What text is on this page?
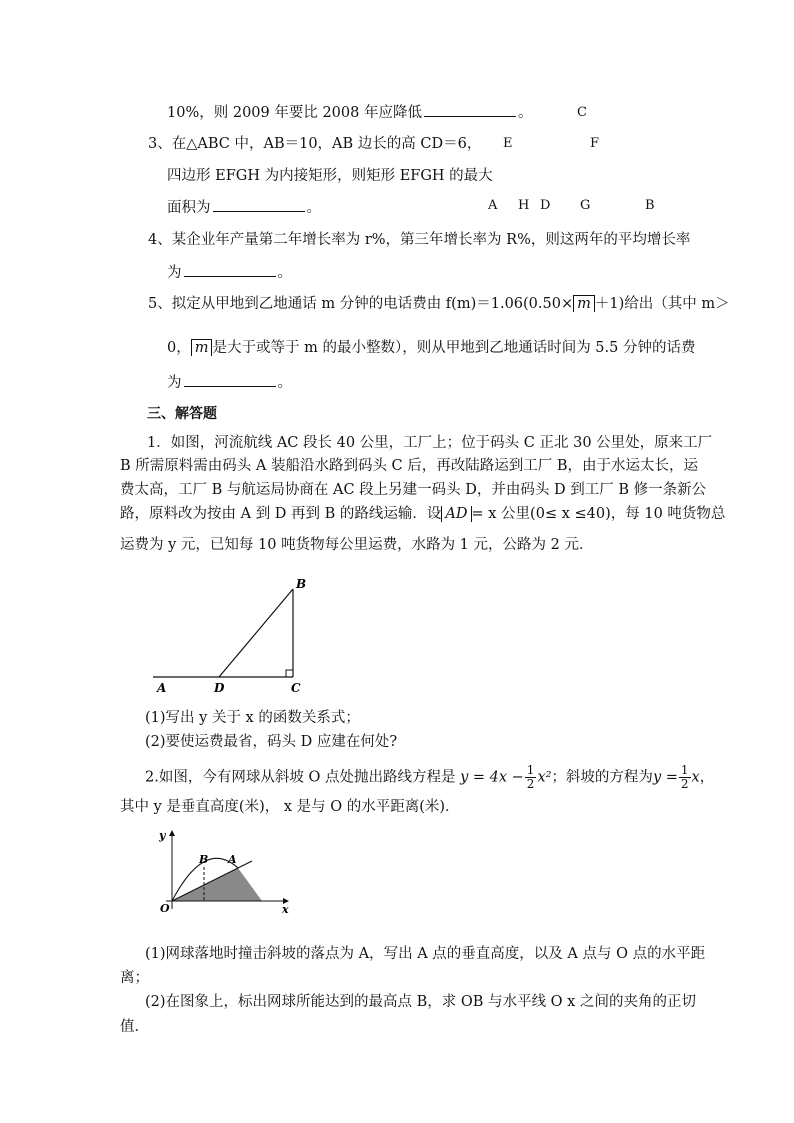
10%，则 2009 年要比 2008 年应降低	。
3、在△ABC 中，AB＝10，AB 边长的高 CD＝6，
四边形 EFGH 为内接矩形，则矩形 EFGH 的最大
面积为	。
C
E	F
A H D G	B
4、某企业年产量第二年增长率为 r%，第三年增长率为 R%，则这两年的平均增长率
为	。
5、拟定从甲地到乙地通话 m 分钟的电话费由 f(m)＝1.06(0.50× m ＋1)给出（其中 m＞
0， m 是大于或等于 m 的最小整数），则从甲地到乙地通话时间为 5.5 分钟的话费
为	。
三、解答题
1．如图，河流航线 AC 段长 40 公里，工厂上；位于码头 C 正北 30 公里处，原来工厂
B 所需原料需由码头 A 装船沿水路到码头 C 后，再改陆路运到工厂 B，由于水运太长，运
费太高，工厂 B 与航运局协商在 AC 段上另建一码头 D，并由码头 D 到工厂 B 修一条新公
路，原料改为按由 A 到 D 再到 B 的路线运输．设 AD = x 公里(0≤ x ≤40)，每 10 吨货物总
运费为 y 元，已知每 10 吨货物每公里运费，水路为 1 元，公路为 2 元．
A	D	C
B
(1)写出 y 关于 x 的函数关系式；
(2)要使运费最省，码头 D 应建在何处?
2.如图，今有网球从斜坡 O 点处抛出路线方程是 $y = 4x - \frac{1}{2} x^2$；斜坡的方程为$y = \frac{1}{2}$ x，
其中 y 是垂直高度(米)， x 是与 O 的水平距离(米)．
y
B A
O	x
(1)网球落地时撞击斜坡的落点为 A，写出 A 点的垂直高度，以及 A 点与 O 点的水平距
离；
(2)在图象上，标出网球所能达到的最高点 B，求 OB 与水平线 O x 之间的夹角的正切
值．
